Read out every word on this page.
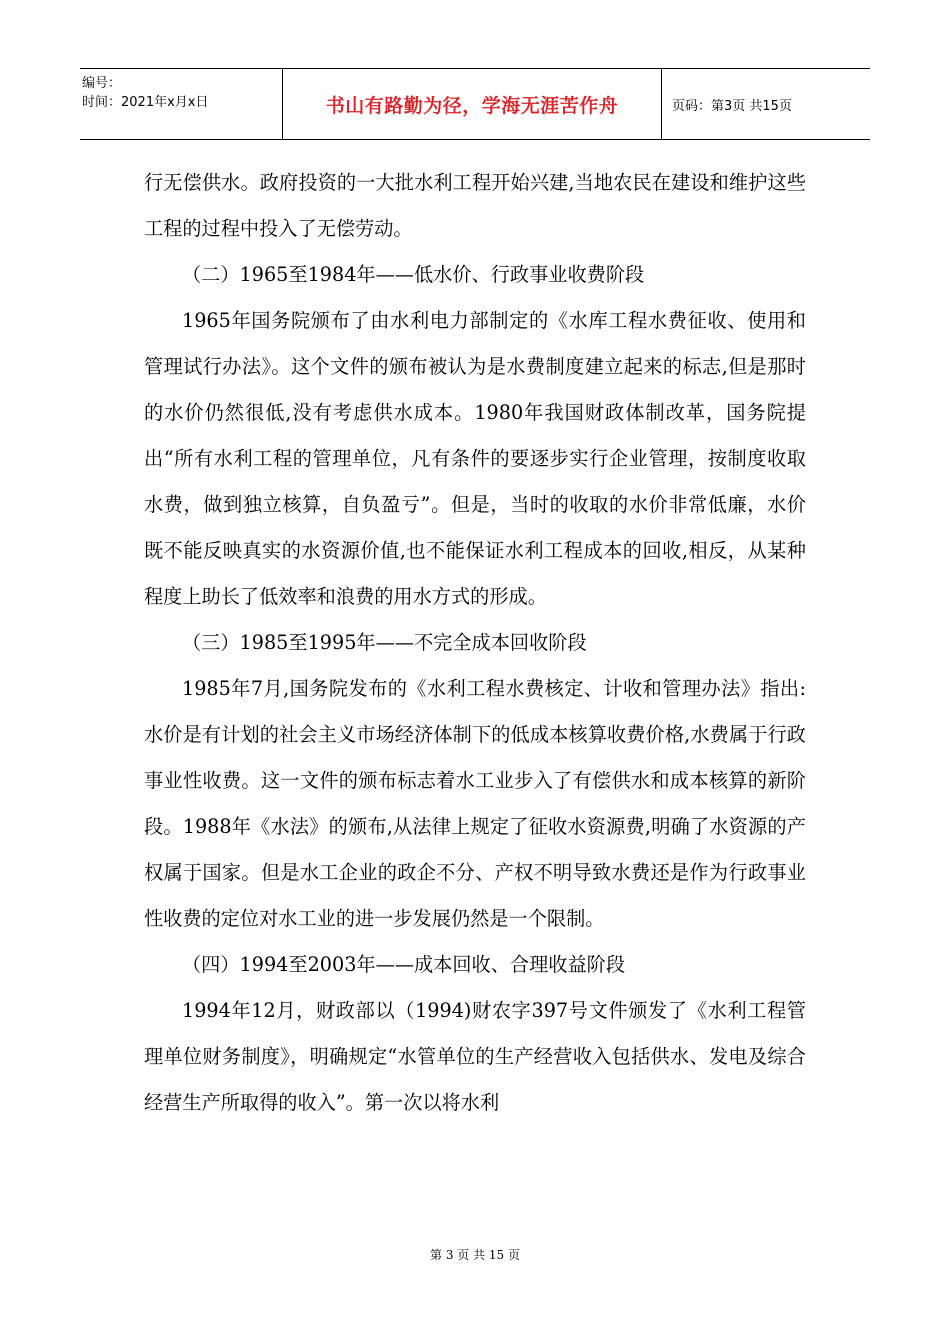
编号：
时间：2021年x月x日	书山有路勤为径，学海无涯苦作舟	页码：第3页 共15页

行无偿供水。政府投资的一大批水利工程开始兴建,当地农民在建设和维护这些工程的过程中投入了无偿劳动。

（二）1965至1984年——低水价、行政事业收费阶段

1965年国务院颁布了由水利电力部制定的《水库工程水费征收、使用和管理试行办法》。这个文件的颁布被认为是水费制度建立起来的标志,但是那时的水价仍然很低,没有考虑供水成本。1980年我国财政体制改革，国务院提出“所有水利工程的管理单位，凡有条件的要逐步实行企业管理，按制度收取水费，做到独立核算，自负盈亏”。但是，当时的收取的水价非常低廉，水价既不能反映真实的水资源价值,也不能保证水利工程成本的回收,相反，从某种程度上助长了低效率和浪费的用水方式的形成。

（三）1985至1995年——不完全成本回收阶段

1985年7月,国务院发布的《水利工程水费核定、计收和管理办法》指出:水价是有计划的社会主义市场经济体制下的低成本核算收费价格,水费属于行政事业性收费。这一文件的颁布标志着水工业步入了有偿供水和成本核算的新阶段。1988年《水法》的颁布,从法律上规定了征收水资源费,明确了水资源的产权属于国家。但是水工企业的政企不分、产权不明导致水费还是作为行政事业性收费的定位对水工业的进一步发展仍然是一个限制。

（四）1994至2003年——成本回收、合理收益阶段

1994年12月，财政部以（1994)财农字397号文件颁发了《水利工程管理单位财务制度》，明确规定“水管单位的生产经营收入包括供水、发电及综合经营生产所取得的收入”。第一次以将水利

第 3 页 共 15 页
